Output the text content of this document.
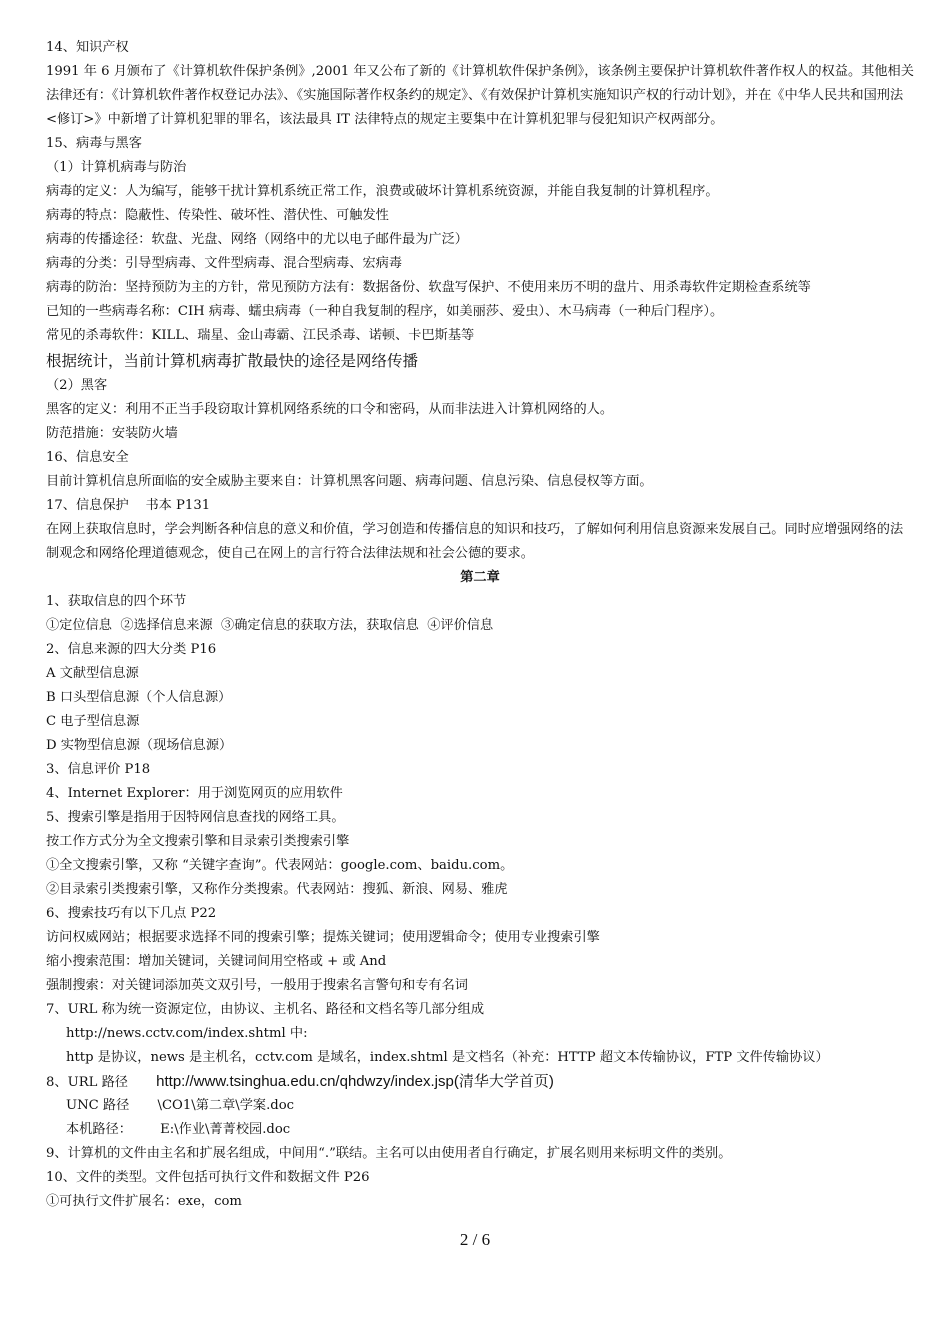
14、知识产权
1991 年 6 月颁布了《计算机软件保护条例》,2001 年又公布了新的《计算机软件保护条例》，该条例主要保护计算机软件著作权人的权益。其他相关法律还有：《计算机软件著作权登记办法》、《实施国际著作权条约的规定》、《有效保护计算机实施知识产权的行动计划》，并在《中华人民共和国刑法<修订>》中新增了计算机犯罪的罪名，该法最具 IT 法律特点的规定主要集中在计算机犯罪与侵犯知识产权两部分。
15、病毒与黑客
（1）计算机病毒与防治
病毒的定义：人为编写，能够干扰计算机系统正常工作，浪费或破坏计算机系统资源，并能自我复制的计算机程序。
病毒的特点：隐蔽性、传染性、破坏性、潜伏性、可触发性
病毒的传播途径：软盘、光盘、网络（网络中的尤以电子邮件最为广泛）
病毒的分类：引导型病毒、文件型病毒、混合型病毒、宏病毒
病毒的防治：坚持预防为主的方针，常见预防方法有：数据备份、软盘写保护、不使用来历不明的盘片、用杀毒软件定期检查系统等
已知的一些病毒名称：CIH 病毒、蠕虫病毒（一种自我复制的程序，如美丽莎、爱虫）、木马病毒（一种后门程序）。
常见的杀毒软件：KILL、瑞星、金山毒霸、江民杀毒、诺顿、卡巴斯基等
根据统计，当前计算机病毒扩散最快的途径是网络传播
（2）黑客
黑客的定义：利用不正当手段窃取计算机网络系统的口令和密码，从而非法进入计算机网络的人。
防范措施：安装防火墙
16、信息安全
目前计算机信息所面临的安全威胁主要来自：计算机黑客问题、病毒问题、信息污染、信息侵权等方面。
17、信息保护    书本 P131
在网上获取信息时，学会判断各种信息的意义和价值，学习创造和传播信息的知识和技巧，了解如何利用信息资源来发展自己。同时应增强网络的法制观念和网络伦理道德观念，使自己在网上的言行符合法律法规和社会公德的要求。
第二章
1、获取信息的四个环节
①定位信息  ②选择信息来源  ③确定信息的获取方法，获取信息  ④评价信息
2、信息来源的四大分类 P16
A 文献型信息源
B 口头型信息源（个人信息源）
C 电子型信息源
D 实物型信息源（现场信息源）
3、信息评价 P18
4、Internet Explorer：用于浏览网页的应用软件
5、搜索引擎是指用于因特网信息查找的网络工具。
按工作方式分为全文搜索引擎和目录索引类搜索引擎
①全文搜索引擎，又称 “关键字查询”。代表网站：google.com、baidu.com。
②目录索引类搜索引擎，又称作分类搜索。代表网站：搜狐、新浪、网易、雅虎
6、搜索技巧有以下几点 P22
访问权威网站；根据要求选择不同的搜索引擎；提炼关键词；使用逻辑命令；使用专业搜索引擎
缩小搜索范围：增加关键词，关键词间用空格或 + 或 And
强制搜索：对关键词添加英文双引号，一般用于搜索名言警句和专有名词
7、URL 称为统一资源定位，由协议、主机名、路径和文档名等几部分组成
http://news.cctv.com/index.shtml 中:
http 是协议，news 是主机名，cctv.com 是域名，index.shtml 是文档名（补充：HTTP 超文本传输协议，FTP 文件传输协议）
8、URL 路径 http://www.tsinghua.edu.cn/qhdwzy/index.jsp(清华大学首页)
UNC 路径 \CO1\第二章\学案.doc
本机路径： E:\作业\菁菁校园.doc
9、计算机的文件由主名和扩展名组成，中间用“.”联结。主名可以由使用者自行确定，扩展名则用来标明文件的类别。
10、文件的类型。文件包括可执行文件和数据文件 P26
①可执行文件扩展名：exe，com
2 / 6
